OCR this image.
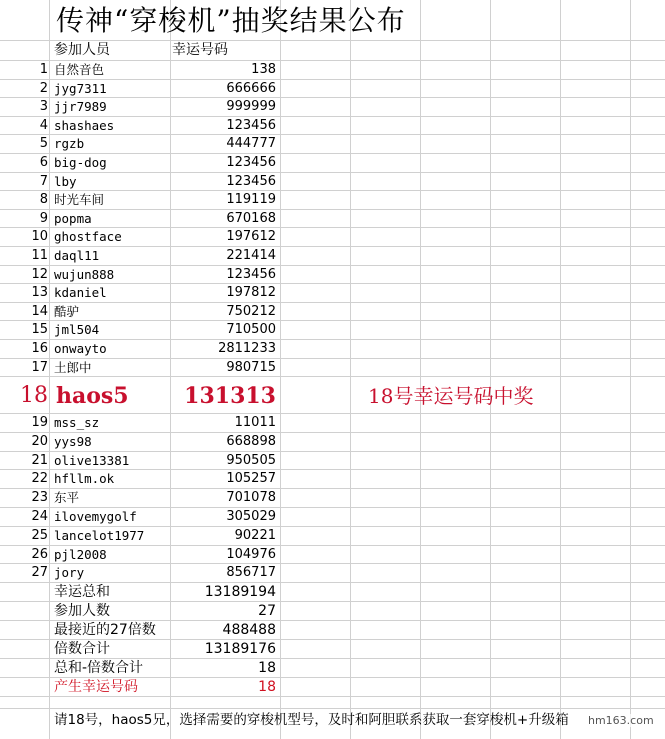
传神“穿梭机”抽奖结果公布
参加人员	幸运号码
1 自然音色	138
2 jyg7311	666666
3 jjr7989	999999
4 shashaes	123456
5 rgzb	444777
6 big-dog	123456
7 lby	123456
8 时光车间	119119
9 popma	670168
10 ghostface	197612
11 daql11	221414
12 wujun888	123456
13 kdaniel	197812
14 酷驴	750212
15 jml504	710500
16 onwayto	2811233
17 土郎中	980715
18 haos5	131313	18号幸运号码中奖
19 mss_sz	11011
20 yys98	668898
21 olive13381	950505
22 hfllm.ok	105257
23 东平	701078
24 ilovemygolf	305029
25 lancelot1977	90221
26 pjl2008	104976
27 jory	856717
幸运总和	13189194
参加人数	27
最接近的27倍数	488488
倍数合计	13189176
总和-倍数合计	18
产生幸运号码	18
请18号，haos5兄，选择需要的穿梭机型号，及时和阿胆联系获取一套穿梭机+升级箱	hm163.com
